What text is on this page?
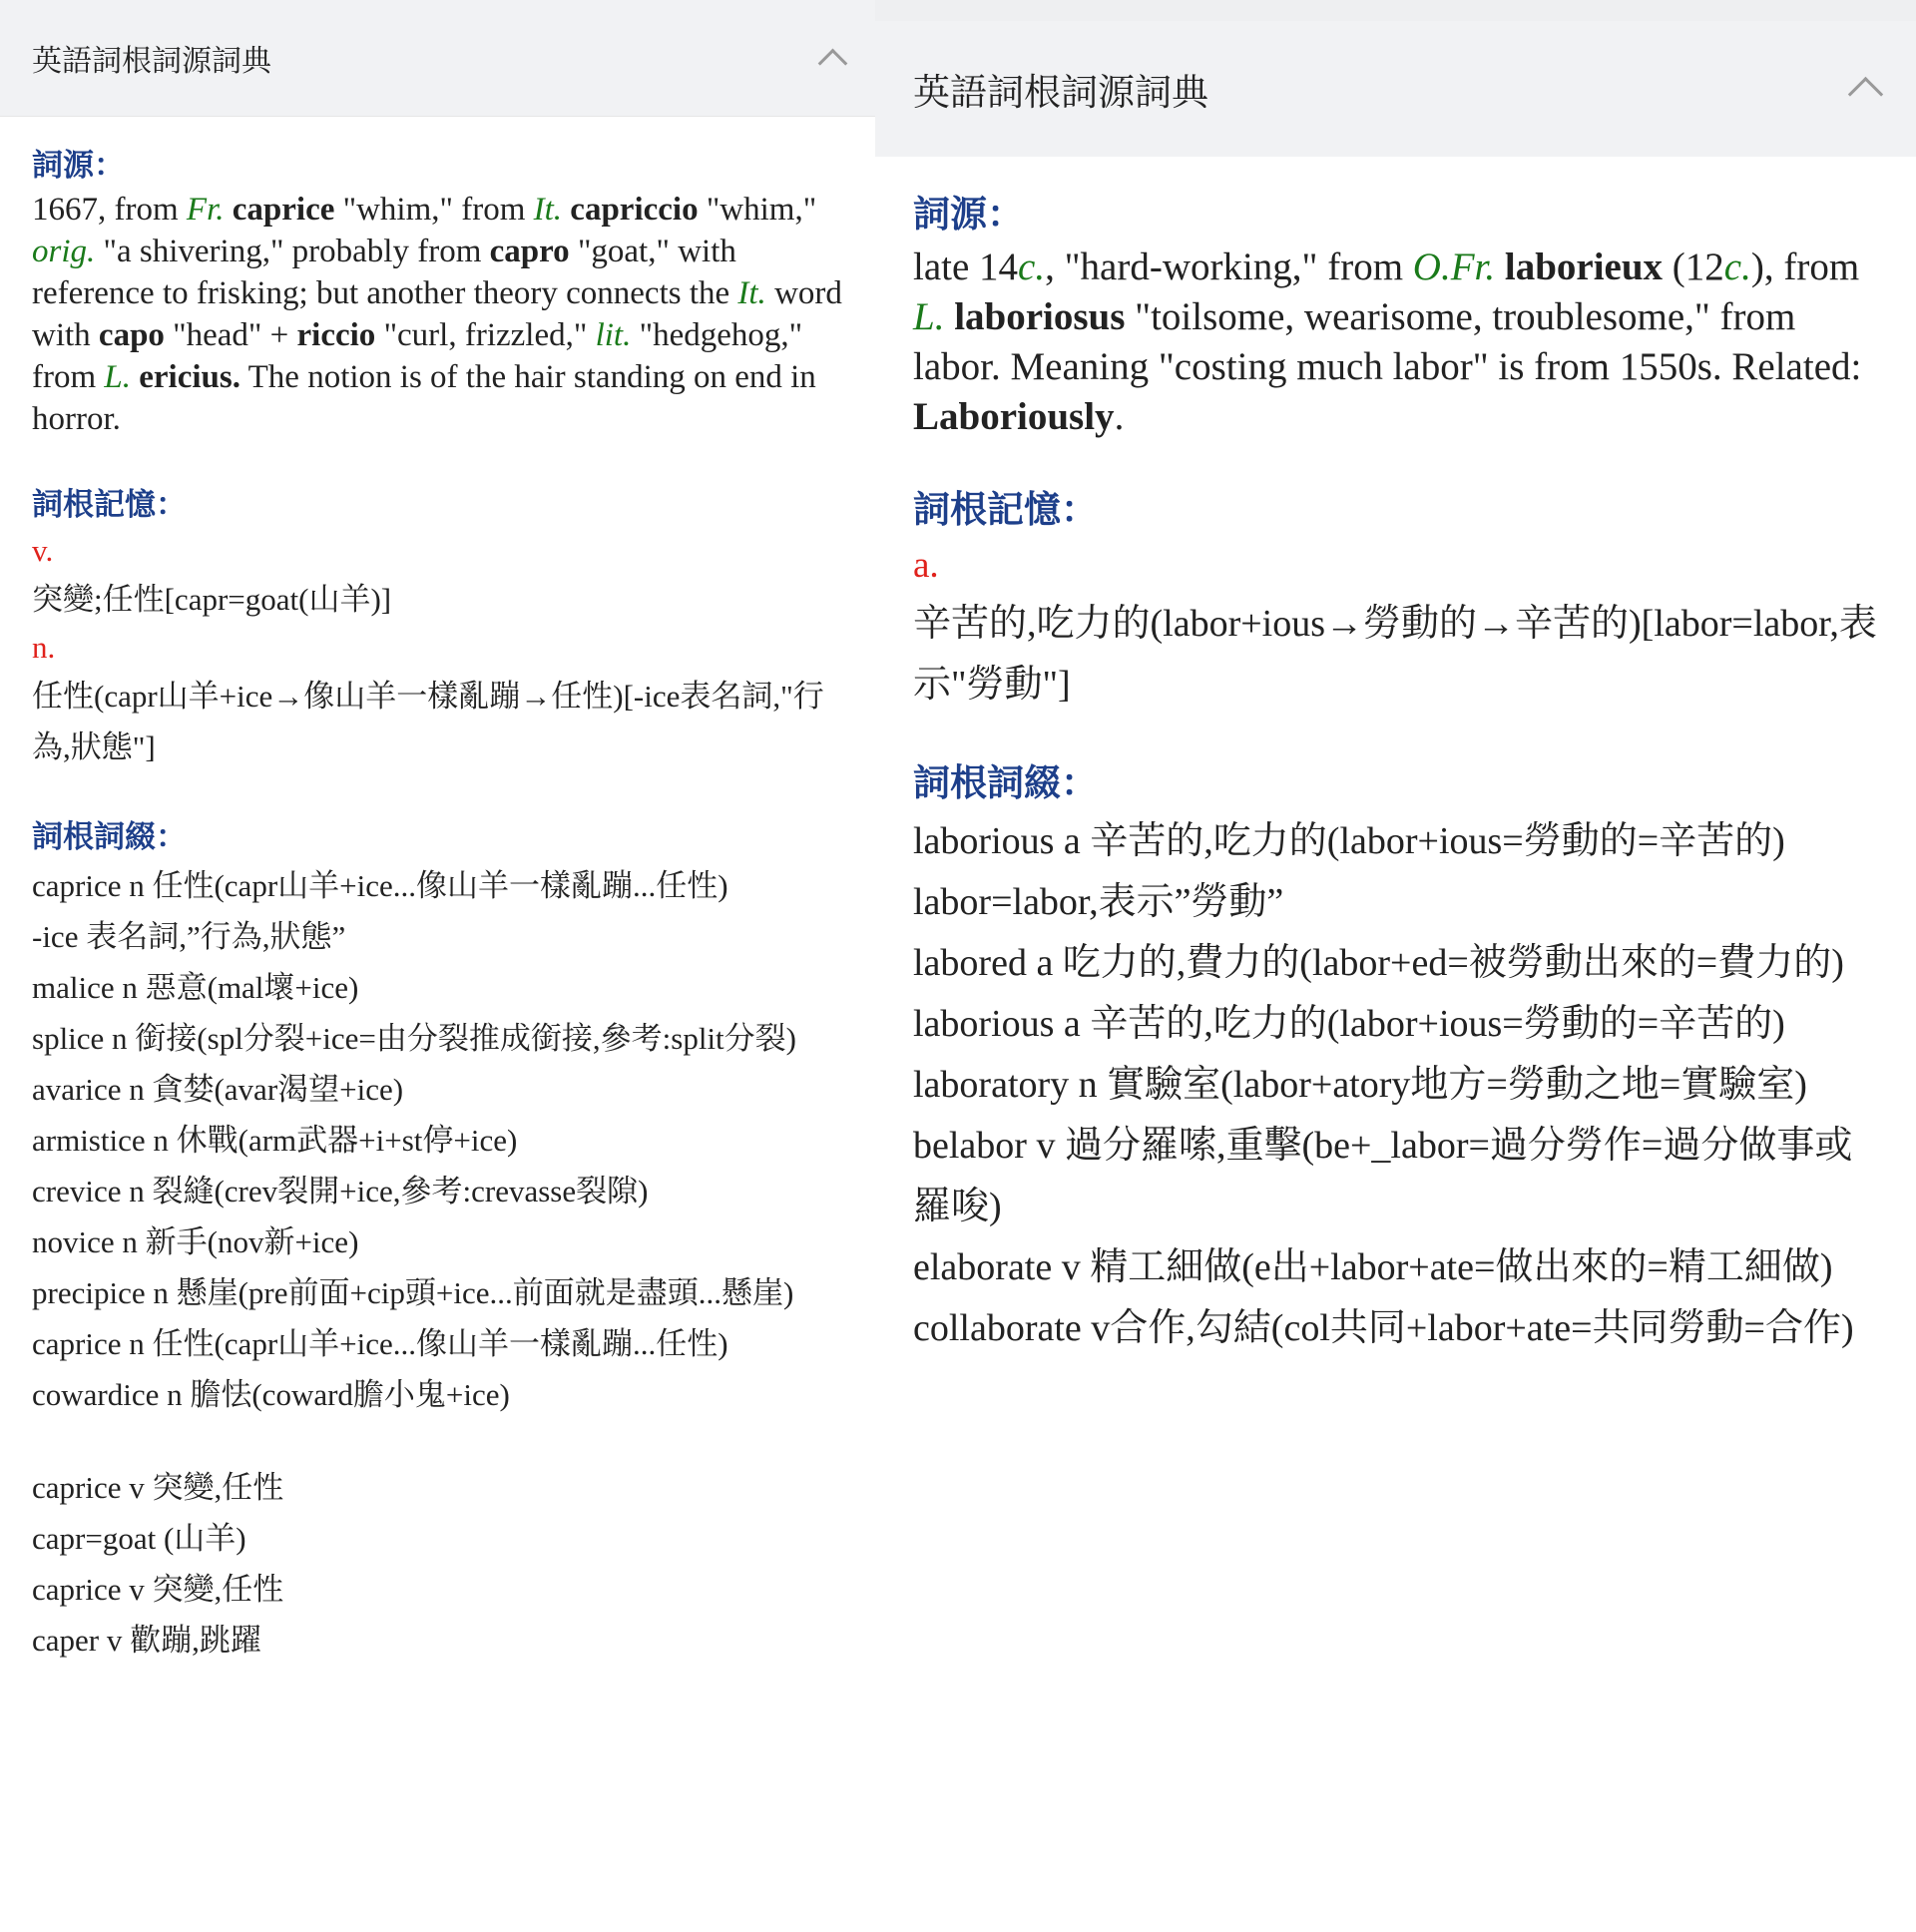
英語詞根詞源詞典
詞源：
1667, from Fr. caprice "whim," from It. capriccio "whim," orig. "a shivering," probably from capro "goat," with reference to frisking; but another theory connects the It. word with capo "head" + riccio "curl, frizzled," lit. "hedgehog," from L. ericius. The notion is of the hair standing on end in horror.
詞根記憶：
v.
突變;任性[capr=goat(山羊)]
n.
任性(capr山羊+ice→像山羊一樣亂蹦→任性)[-ice表名詞,"行為,狀態"]
詞根詞綴：
caprice n 任性(capr山羊+ice...像山羊一樣亂蹦...任性)
-ice 表名詞,”行為,狀態”
malice n 惡意(mal壞+ice)
splice n 銜接(spl分裂+ice=由分裂推成銜接,參考:split分裂)
avarice n 貪婪(avar渴望+ice)
armistice n 休戰(arm武器+i+st停+ice)
crevice n 裂縫(crev裂開+ice,參考:crevasse裂隙)
novice n 新手(nov新+ice)
precipice n 懸崖(pre前面+cip頭+ice...前面就是盡頭...懸崖)
caprice n 任性(capr山羊+ice...像山羊一樣亂蹦...任性)
cowardice n 膽怯(coward膽小鬼+ice)
caprice v 突變,任性
capr=goat (山羊)
caprice v 突變,任性
caper v 歡蹦,跳躍
英語詞根詞源詞典
詞源：
late 14c., "hard-working," from O.Fr. laborieux (12c.), from L. laboriosus "toilsome, wearisome, troublesome," from labor. Meaning "costing much labor" is from 1550s. Related: Laboriously.
詞根記憶：
a.
辛苦的,吃力的(labor+ious→勞動的→辛苦的)[labor=labor,表示"勞動"]
詞根詞綴：
laborious a 辛苦的,吃力的(labor+ious=勞動的=辛苦的)
labor=labor,表示”勞動”
labored a 吃力的,費力的(labor+ed=被勞動出來的=費力的)
laborious a 辛苦的,吃力的(labor+ious=勞動的=辛苦的)
laboratory n 實驗室(labor+atory地方=勞動之地=實驗室)
belabor v 過分羅嗦,重擊(be+_labor=過分勞作=過分做事或羅唆)
elaborate v 精工細做(e出+labor+ate=做出來的=精工細做)
collaborate v合作,勾結(col共同+labor+ate=共同勞動=合作)
